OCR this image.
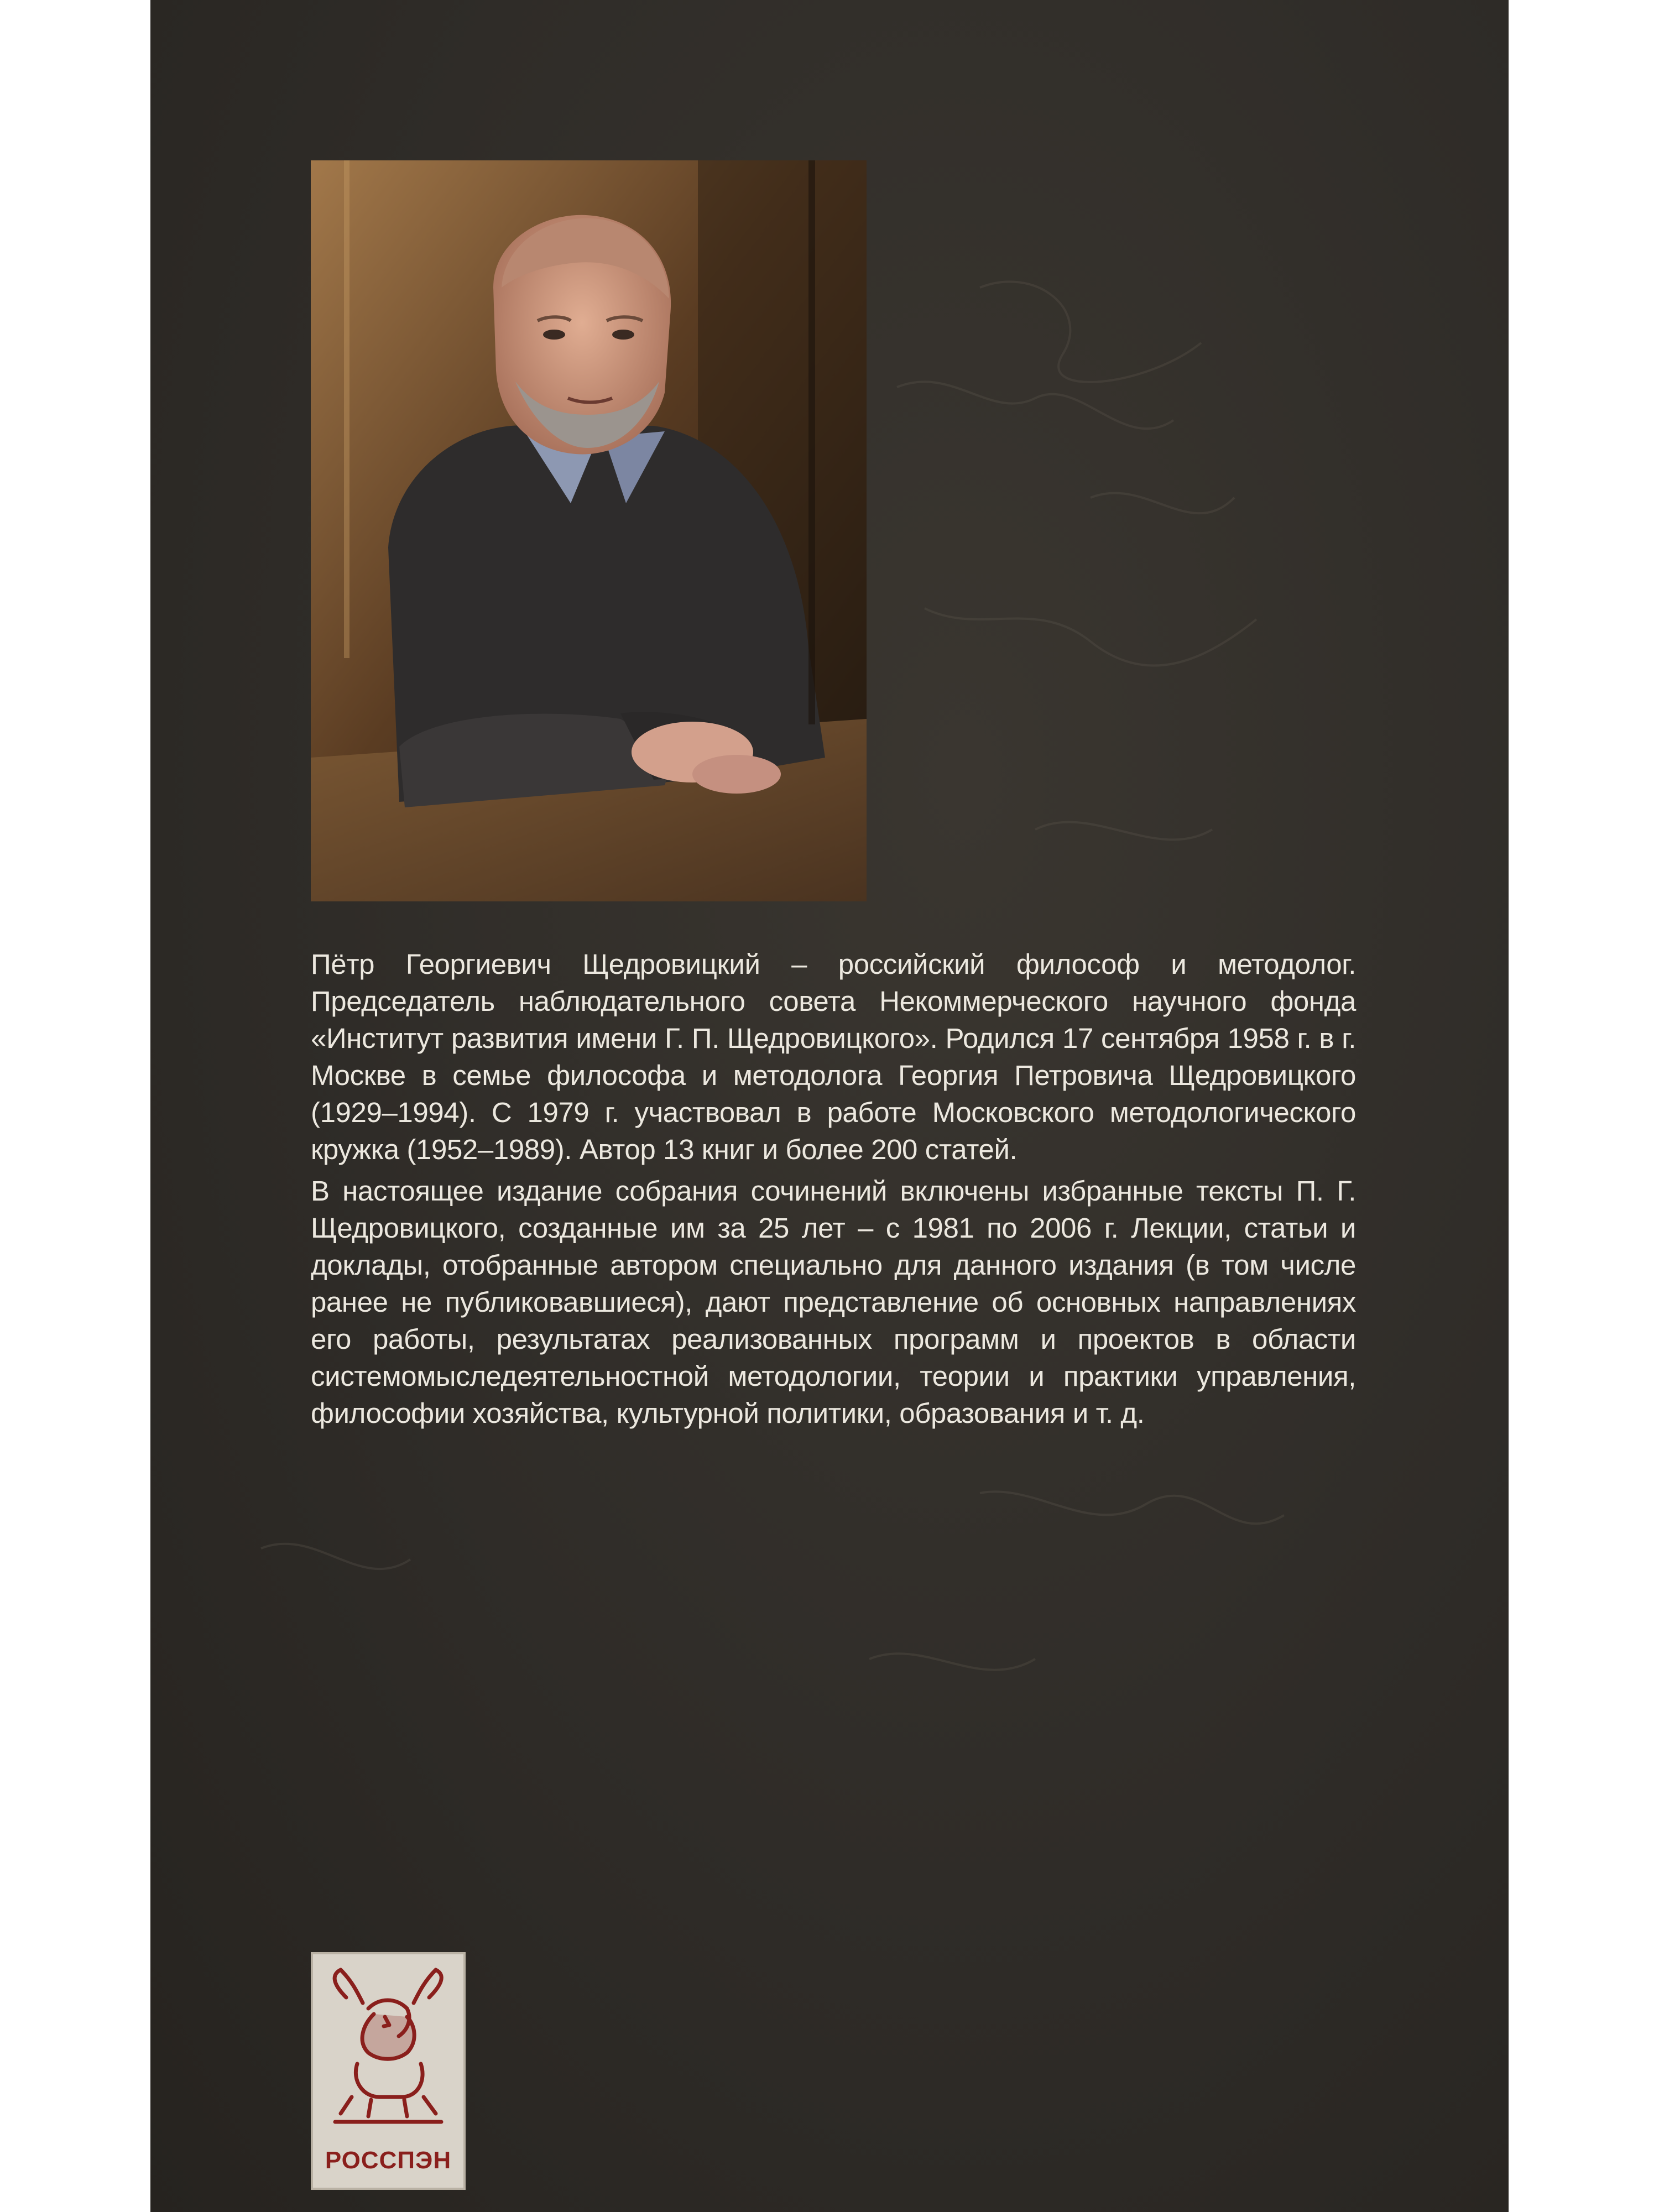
Пётр Георгиевич Щедровицкий – российский философ и методолог. Председатель наблюдательного совета Некоммерческого научного фонда «Институт развития имени Г. П. Щедровицкого». Родился 17 сентября 1958 г. в г. Москве в семье философа и методолога Георгия Петровича Щедровицкого (1929–1994). С 1979 г. участвовал в работе Московского методологического кружка (1952–1989). Автор 13 книг и более 200 статей.

В настоящее издание собрания сочинений включены избранные тексты П. Г. Щедровицкого, созданные им за 25 лет – с 1981 по 2006 г. Лекции, статьи и доклады, отобранные автором специально для данного издания (в том числе ранее не публиковавшиеся), дают представление об основных направлениях его работы, результатах реализованных программ и проектов в области системомыследеятельностной методологии, теории и практики управления, философии хозяйства, культурной политики, образования и т. д.

РОССПЭН
